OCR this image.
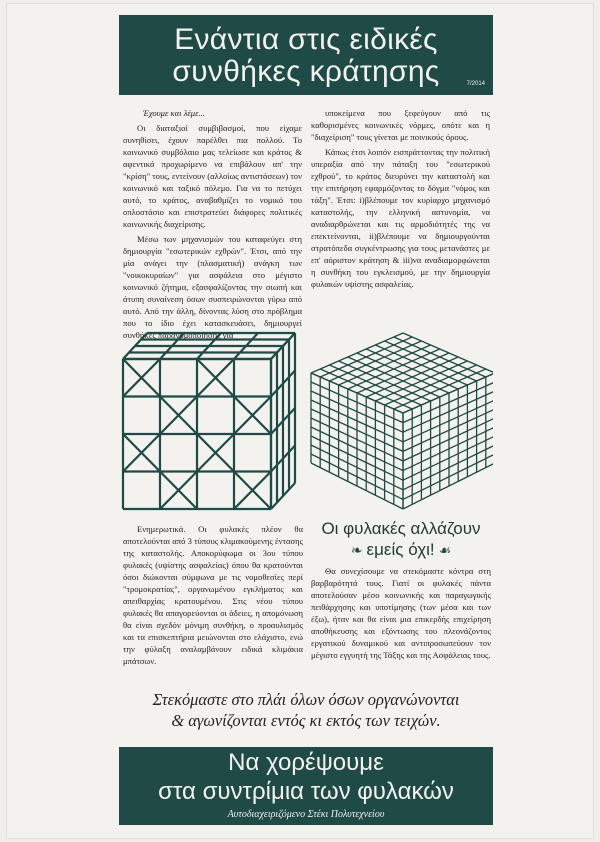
Ενάντια στις ειδικές
συνθήκες κράτησης	7/2014

Έχουμε και λέμε...

Οι διαταξιοί συμβιβασμοί, που είχαμε συνηθίσει, έχουν παρέλθει πια πολλού. Το κοινωνικό συμβόλαιο μας τελείωσε και κράτος & αφεντικά προχωρίμενο να επιβάλουν απ' την "κρίση" τους, εντείνουν (αλλοίως αντιστάσεων) τον κοινωνικό και ταξικό πόλεμο. Για να το πετύχει αυτό, το κράτος, αναβαθμίζει το νομικό του οπλοστάσιο και επιστρατεύει διάφορες πολιτικές κοινωνικής διαχείρισης.

Μέσω των μηχανισμών του καταφεύγει στη δημιουργία "εσωτερικών εχθρών". Έτσι, από την μία ανάγει την (πλασματική) ανάγκη των "νοικοκυραίων" για ασφάλεια στο μέγιστο κοινωνικό ζήτημα, εξασφαλίζοντας την σιωπή και άτυπη συναίνεση όσων συσπειρώνονται γύρω από αυτό. Από την άλλη, δίνοντας λύση στο πρόβλημα που το ίδιο έχει κατασκευάσει, δημιουργεί συνθήκες παρανομοποίησης για

υποκείμενα που ξεφεύγουν από τις καθορισμένες κοινωνικές νόρμες, οπότε και η "διαχείριση" τους γίνεται με ποινικούς όρους.

Κάπως έτσι λοιπόν εισπράττοντας την πολιτική υπεραξία από την πάταξη του "εσωτερικού εχθρού", το κράτος διευρύνει την καταστολή και την επιτήρηση εφαρμόζοντας το δόγμα "νόμος και τάξη". Έτσι: i)βλέπουμε τον κυρίαρχο μηχανισμό καταστολής, την ελληνική αστυνομία, να αναδιαρθρώνεται και τις αρμοδιότητές της να επεκτείνονται, ii)βλέπουμε να δημιουργούνται στρατόπεδα συγκέντρωσης για τους μετανάστες με επ' αόριστον κράτηση & iii)να αναδιαμορφώνεται η συνθήκη του εγκλεισμού, με την δημιουργία φυλακών υψίστης ασφαλείας.

Ενημερωτικά. Οι φυλακές πλέον θα αποτελούνται από 3 τύπους κλιμακούμενης έντασης της καταστολής. Αποκορύφωμα οι 3ου τύπου φυλακές (υψίστης ασφαλείας) όπου θα κρατούνται όσοι διώκονται σύμφωνα με τις νομοθεσίες περί "τρομοκρατίας", οργανωμένου εγκλήματος και απειθαρχίας κρατουμένου. Στις νέου τύπου φυλακές θα απαγορεύονται οι άδειες, η απομόνωση θα είναι σχεδόν μόνιμη συνθήκη, ο προαυλισμός και τα επισκεπτήρια μειώνονται στο ελάχιστο, ενώ την φύλαξη αναλαμβάνουν ειδικά κλιμάκια μπάτσων.

Οι φυλακές αλλάζουν
❧ εμείς όχι! ☙

Θα συνεχίσουμε να στεκόμαστε κόντρα στη βαρβαρότητά τους. Γιατί οι φυλακές πάντα αποτελούσαν μέσο κοινωνικής και παραγωγικής πειθάρχησης και υποτίμησης (των μέσα και των έξω), ήταν και θα είναι μια επικερδής επιχείρηση αποθήκευσης και εξόντωσης του πλεονάζοντος εργατικού δυναμικού και αντιπροσωπεύουν τον μέγιστο εγγυητή της Τάξης και της Ασφάλειας τους.

Στεκόμαστε στο πλάι όλων όσων οργανώνονται
& αγωνίζονται εντός κι εκτός των τειχών.
Να χορέψουμε
στα συντρίμια των φυλακών
Αυτοδιαχειριζόμενο Στέκι Πολυτεχνείου
